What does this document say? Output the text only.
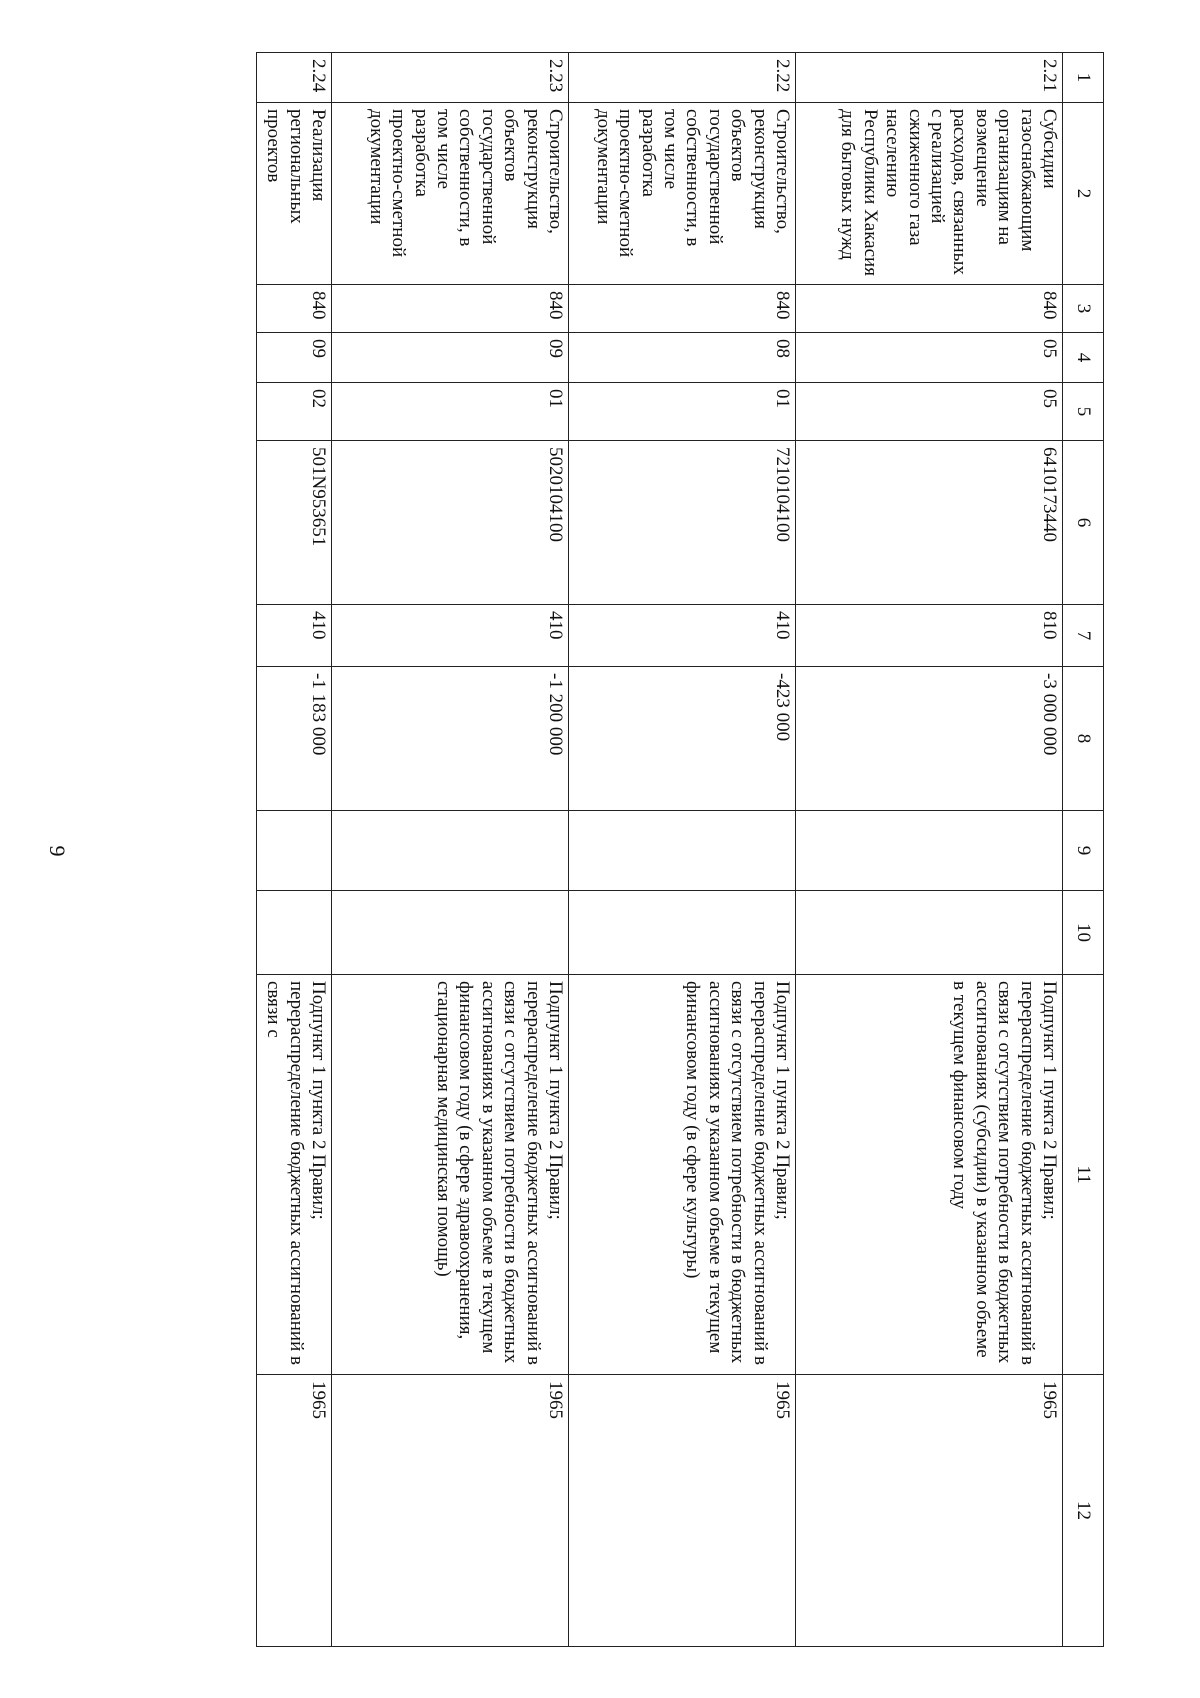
9
1	2	3	4	5	6	7	8	9	10	11	12
2.21	Субсидии газоснабжающим организациям на возмещение расходов, связанных с реализацией сжиженного газа населению Республики Хакасия для бытовых нужд	840	05	05	6410173440	810	-3 000 000			Подпункт 1 пункта 2 Правил; перераспределение бюджетных ассигнований в связи с отсутствием потребности в бюджетных ассигнованиях (субсидии) в указанном объеме в текущем финансовом году	1965
2.22	Строительство, реконструкция объектов государственной собственности, в том числе разработка проектно-сметной документации	840	08	01	7210104100	410	-423 000			Подпункт 1 пункта 2 Правил; перераспределение бюджетных ассигнований в связи с отсутствием потребности в бюджетных ассигнованиях в указанном объеме в текущем финансовом году (в сфере культуры)	1965
2.23	Строительство, реконструкция объектов государственной собственности, в том числе разработка проектно-сметной документации	840	09	01	5020104100	410	-1 200 000			Подпункт 1 пункта 2 Правил; перераспределение бюджетных ассигнований в связи с отсутствием потребности в бюджетных ассигнованиях в указанном объеме в текущем финансовом году (в сфере здравоохранения, стационарная медицинская помощь)	1965
2.24	Реализация региональных проектов	840	09	02	501N953651	410	-1 183 000			Подпункт 1 пункта 2 Правил; перераспределение бюджетных ассигнований в связи с	1965
